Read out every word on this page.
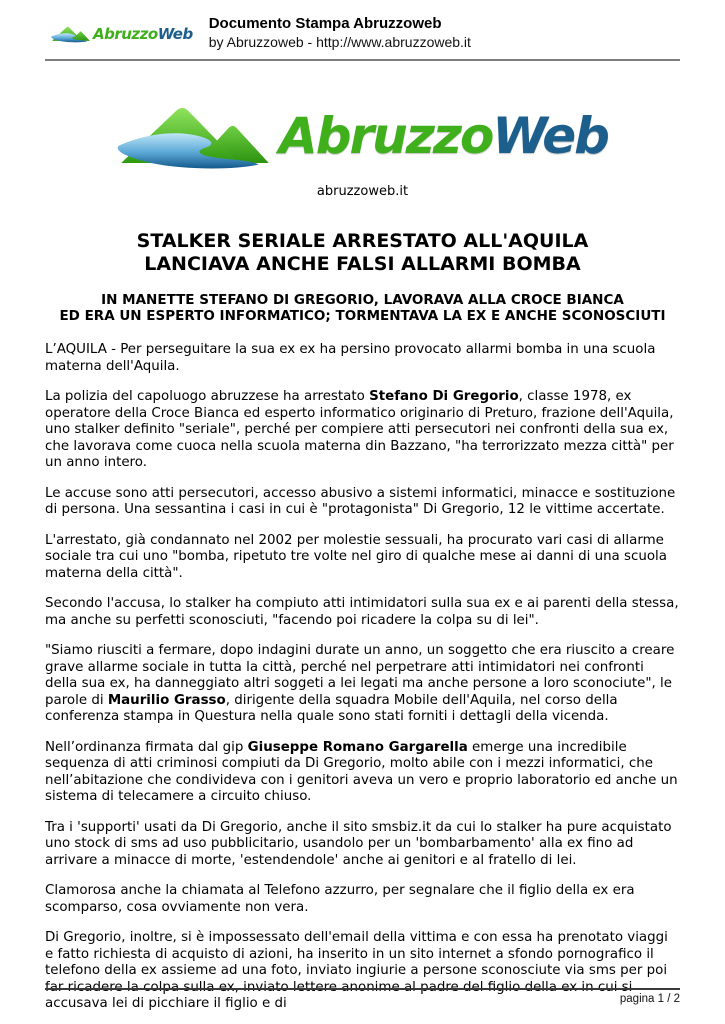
AbruzzoWeb
Documento Stampa Abruzzoweb
by Abruzzoweb - http://www.abruzzoweb.it
AbruzzoWeb
abruzzoweb.it
STALKER SERIALE ARRESTATO ALL'AQUILA
LANCIAVA ANCHE FALSI ALLARMI BOMBA
IN MANETTE STEFANO DI GREGORIO, LAVORAVA ALLA CROCE BIANCA
ED ERA UN ESPERTO INFORMATICO; TORMENTAVA LA EX E ANCHE SCONOSCIUTI

L’AQUILA - Per perseguitare la sua ex ex ha persino provocato allarmi bomba in una scuola materna dell'Aquila.

La polizia del capoluogo abruzzese ha arrestato Stefano Di Gregorio, classe 1978, ex operatore della Croce Bianca ed esperto informatico originario di Preturo, frazione dell'Aquila, uno stalker definito "seriale", perché per compiere atti persecutori nei confronti della sua ex, che lavorava come cuoca nella scuola materna din Bazzano, "ha terrorizzato mezza città" per un anno intero.

Le accuse sono atti persecutori, accesso abusivo a sistemi informatici, minacce e sostituzione di persona. Una sessantina i casi in cui è "protagonista" Di Gregorio, 12 le vittime accertate.

L'arrestato, già condannato nel 2002 per molestie sessuali, ha procurato vari casi di allarme sociale tra cui uno "bomba, ripetuto tre volte nel giro di qualche mese ai danni di una scuola materna della città".

Secondo l'accusa, lo stalker ha compiuto atti intimidatori sulla sua ex e ai parenti della stessa, ma anche su perfetti sconosciuti, "facendo poi ricadere la colpa su di lei".

"Siamo riusciti a fermare, dopo indagini durate un anno, un soggetto che era riuscito a creare grave allarme sociale in tutta la città, perché nel perpetrare atti intimidatori nei confronti della sua ex, ha danneggiato altri soggeti a lei legati ma anche persone a loro sconociute", le parole di Maurilio Grasso, dirigente della squadra Mobile dell'Aquila, nel corso della conferenza stampa in Questura nella quale sono stati forniti i dettagli della vicenda.

Nell’ordinanza firmata dal gip Giuseppe Romano Gargarella emerge una incredibile sequenza di atti criminosi compiuti da Di Gregorio, molto abile con i mezzi informatici, che nell’abitazione che condivideva con i genitori aveva un vero e proprio laboratorio ed anche un sistema di telecamere a circuito chiuso.

Tra i 'supporti' usati da Di Gregorio, anche il sito smsbiz.it da cui lo stalker ha pure acquistato uno stock di sms ad uso pubblicitario, usandolo per un 'bombarbamento' alla ex fino ad arrivare a minacce di morte, 'estendendole' anche ai genitori e al fratello di lei.

Clamorosa anche la chiamata al Telefono azzurro, per segnalare che il figlio della ex era scomparso, cosa ovviamente non vera.

Di Gregorio, inoltre, si è impossessato dell'email della vittima e con essa ha prenotato viaggi e fatto richiesta di acquisto di azioni, ha inserito in un sito internet a sfondo pornografico il telefono della ex assieme ad una foto, inviato ingiurie a persone sconosciute via sms per poi far ricadere la colpa sulla ex, inviato lettere anonime al padre del figlio della ex in cui si accusava lei di picchiare il figlio e di	pagina 1 / 2
